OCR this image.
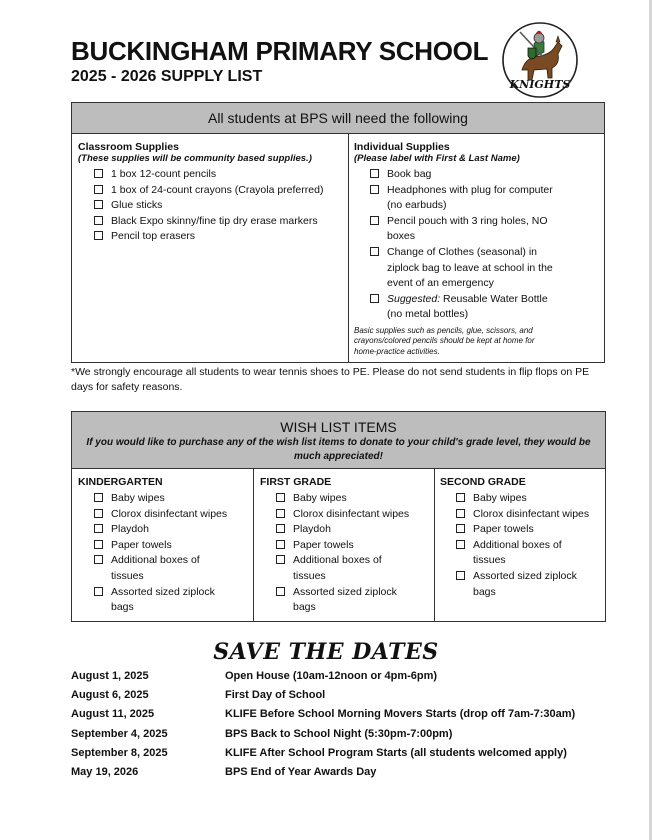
BUCKINGHAM PRIMARY SCHOOL
2025 - 2026 SUPPLY LIST	KNIGHTS
All students at BPS will need the following
Classroom Supplies
(These supplies will be community based supplies.)
1 box 12-count pencils
1 box of 24-count crayons (Crayola preferred)
Glue sticks
Black Expo skinny/fine tip dry erase markers
Pencil top erasers
Individual Supplies
(Please label with First & Last Name)
Book bag
Headphones with plug for computer (no earbuds)
Pencil pouch with 3 ring holes, NO boxes
Change of Clothes (seasonal) in ziplock bag to leave at school in the event of an emergency
Suggested: Reusable Water Bottle (no metal bottles)
Basic supplies such as pencils, glue, scissors, and crayons/colored pencils should be kept at home for home-practice activities.
*We strongly encourage all students to wear tennis shoes to PE. Please do not send students in flip flops on PE days for safety reasons.
WISH LIST ITEMS
If you would like to purchase any of the wish list items to donate to your child's grade level, they would be much appreciated!
KINDERGARTEN
Baby wipes
Clorox disinfectant wipes
Playdoh
Paper towels
Additional boxes of tissues
Assorted sized ziplock bags
FIRST GRADE
Baby wipes
Clorox disinfectant wipes
Playdoh
Paper towels
Additional boxes of tissues
Assorted sized ziplock bags
SECOND GRADE
Baby wipes
Clorox disinfectant wipes
Paper towels
Additional boxes of tissues
Assorted sized ziplock bags
SAVE THE DATES
August 1, 2025	Open House (10am-12noon or 4pm-6pm)
August 6, 2025	First Day of School
August 11, 2025	KLIFE Before School Morning Movers Starts (drop off 7am-7:30am)
September 4, 2025	BPS Back to School Night (5:30pm-7:00pm)
September 8, 2025	KLIFE After School Program Starts (all students welcomed apply)
May 19, 2026	BPS End of Year Awards Day
